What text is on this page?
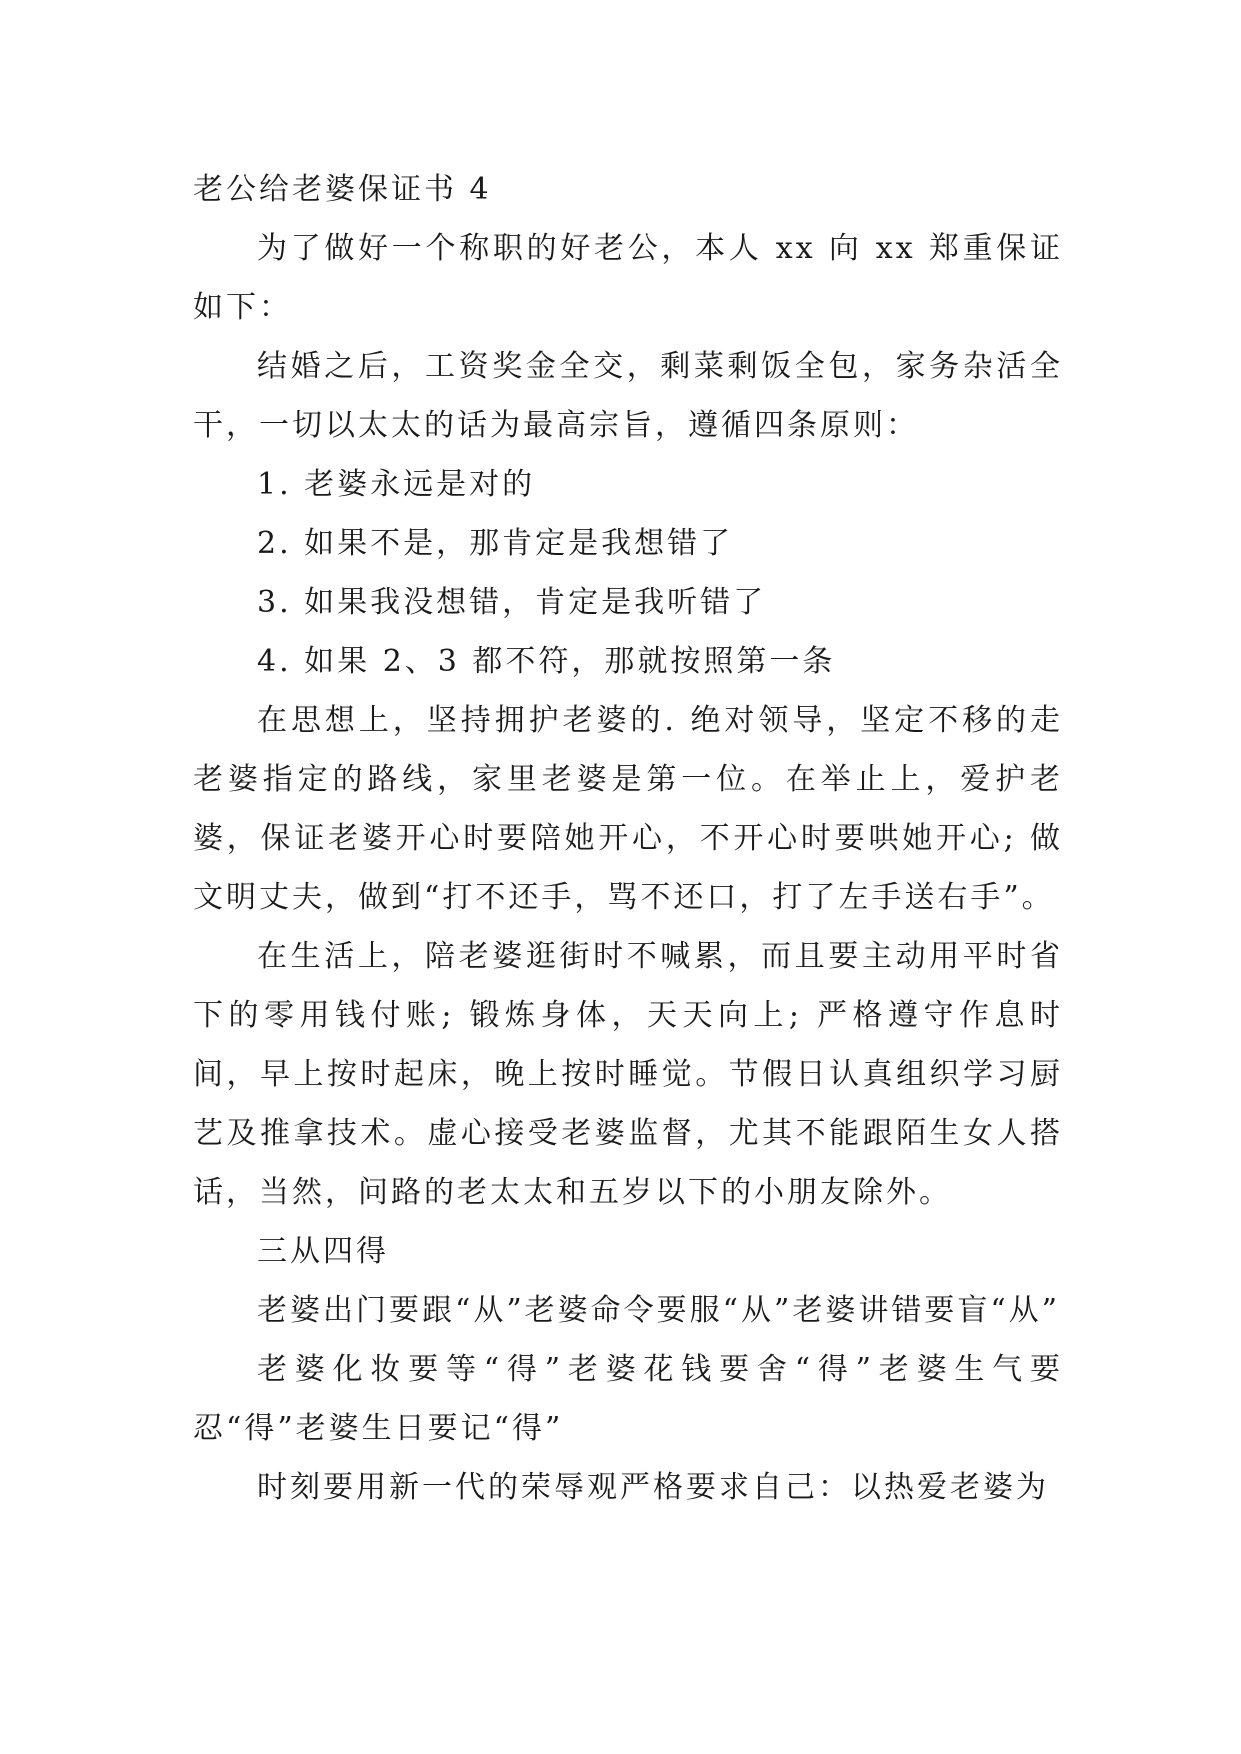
老公给老婆保证书 4

为了做好一个称职的好老公，本人 xx 向 xx 郑重保证如下：

结婚之后，工资奖金全交，剩菜剩饭全包，家务杂活全干，一切以太太的话为最高宗旨，遵循四条原则：

1. 老婆永远是对的

2. 如果不是，那肯定是我想错了

3. 如果我没想错，肯定是我听错了

4. 如果 2、3 都不符，那就按照第一条

在思想上，坚持拥护老婆的. 绝对领导，坚定不移的走老婆指定的路线，家里老婆是第一位。在举止上，爱护老婆，保证老婆开心时要陪她开心，不开心时要哄她开心; 做文明丈夫，做到“打不还手，骂不还口，打了左手送右手”。

在生活上，陪老婆逛街时不喊累，而且要主动用平时省下的零用钱付账; 锻炼身体，天天向上; 严格遵守作息时间，早上按时起床，晚上按时睡觉。节假日认真组织学习厨艺及推拿技术。虚心接受老婆监督，尤其不能跟陌生女人搭话，当然，问路的老太太和五岁以下的小朋友除外。

三从四得

老婆出门要跟“从”老婆命令要服“从”老婆讲错要盲“从”

老婆化妆要等“得”老婆花钱要舍“得”老婆生气要忍“得”老婆生日要记“得”

时刻要用新一代的荣辱观严格要求自己：以热爱老婆为
